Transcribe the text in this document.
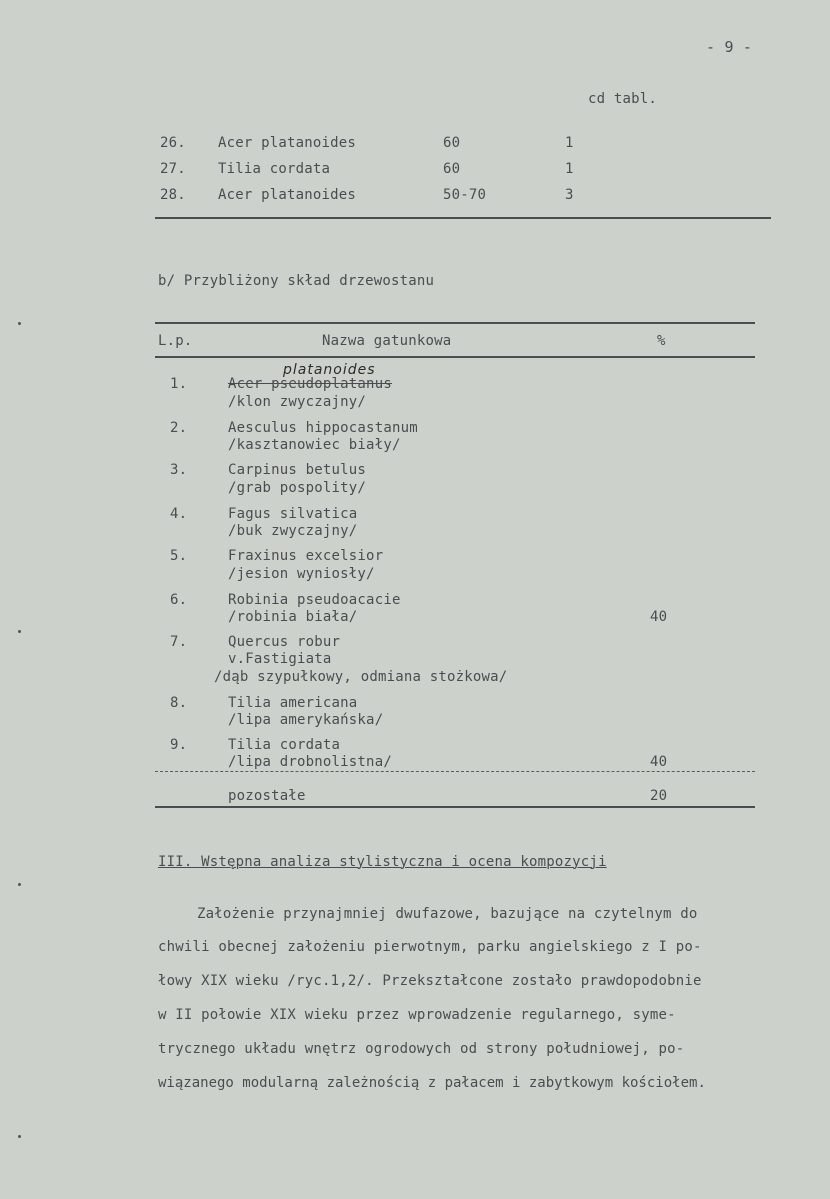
- 9 -
cd tabl.
26. Acer platanoides	60	1
27. Tilia cordata	60	1
28. Acer platanoides	50-70	3
b/ Przybliżony skład drzewostanu
L.p.	Nazwa gatunkowa	%
platanoides
1.	Acer pseudoplatanus
/klon zwyczajny/
2.	Aesculus hippocastanum
/kasztanowiec biały/
3.	Carpinus betulus
/grab pospolity/
4.	Fagus silvatica
/buk zwyczajny/
5.	Fraxinus excelsior
/jesion wyniosły/
6.	Robinia pseudoacacie
/robinia biała/	40
7.	Quercus robur
v.Fastigiata
/dąb szypułkowy, odmiana stożkowa/
8.	Tilia americana
/lipa amerykańska/
9.	Tilia cordata
/lipa drobnolistna/	40
pozostałe	20
III. Wstępna analiza stylistyczna i ocena kompozycji
Założenie przynajmniej dwufazowe, bazujące na czytelnym do
chwili obecnej założeniu pierwotnym, parku angielskiego z I po-
łowy XIX wieku /ryc.1,2/. Przekształcone zostało prawdopodobnie
w II połowie XIX wieku przez wprowadzenie regularnego, syme-
trycznego układu wnętrz ogrodowych od strony południowej, po-
wiązanego modularną zależnością z pałacem i zabytkowym kościołem.
